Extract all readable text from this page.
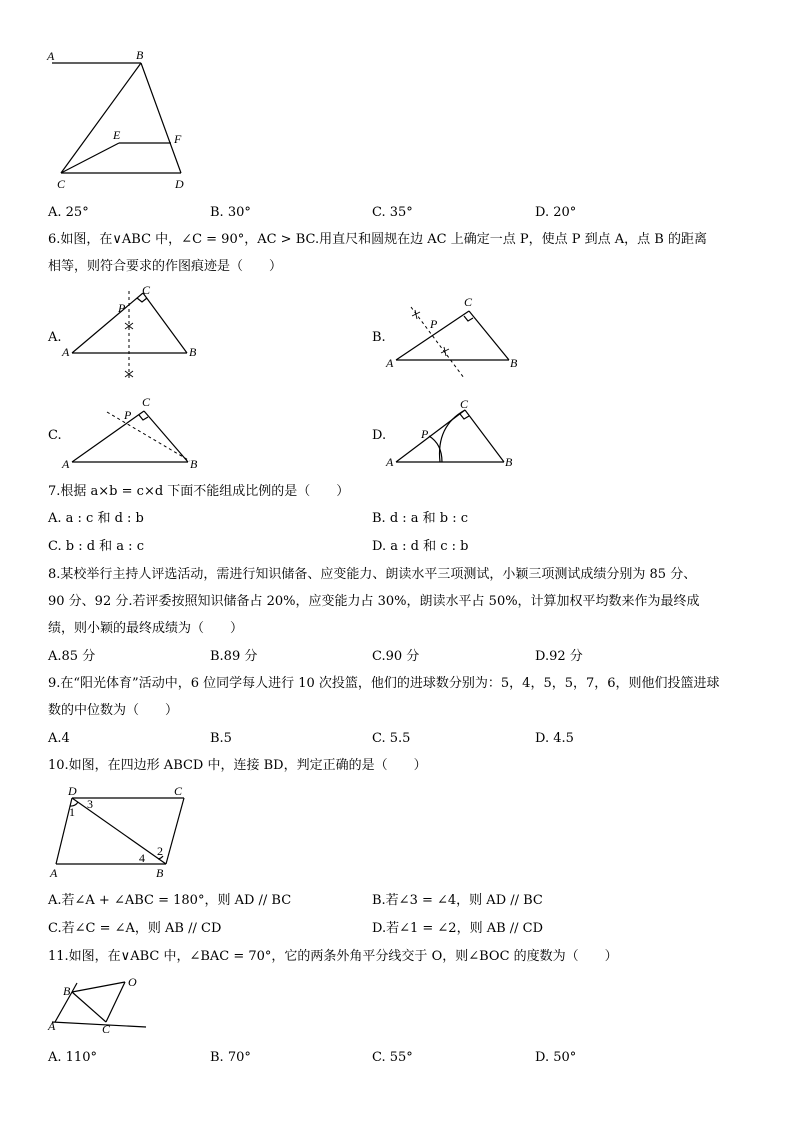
A	B
E	F
C	D
A. 25°	B. 30°	C. 35°	D. 20°
6.如图，在∨ABC 中，∠C = 90°，AC > BC.用直尺和圆规在边 AC 上确定一点 P，使点 P 到点 A，点 B 的距离
相等，则符合要求的作图痕迹是（　　）
A.
P
C
A	B
B.
P
C
A	B
C.
P
C
A	B
D.	P
C
A	B
7.根据 a×b = c×d 下面不能组成比例的是（　　）
A. a : c 和 d : b	B. d : a 和 b : c
C. b : d 和 a : c	D. a : d 和 c : b
8.某校举行主持人评选活动，需进行知识储备、应变能力、朗读水平三项测试，小颖三项测试成绩分别为 85 分、
90 分、92 分.若评委按照知识储备占 20%，应变能力占 30%，朗读水平占 50%，计算加权平均数来作为最终成
绩，则小颖的最终成绩为（　　）
A.85 分	B.89 分	C.90 分	D.92 分
9.在“阳光体育”活动中，6 位同学每人进行 10 次投篮，他们的进球数分别为：5，4，5，5，7，6，则他们投篮进球
数的中位数为（　　）
A.4	B.5	C. 5.5	D. 4.5
10.如图，在四边形 ABCD 中，连接 BD，判定正确的是（　　）
D	C
3
1
2
4
A	B
A.若∠A + ∠ABC = 180°，则 AD // BC	B.若∠3 = ∠4，则 AD // BC
C.若∠C = ∠A，则 AB // CD	D.若∠1 = ∠2，则 AB // CD
11.如图，在∨ABC 中，∠BAC = 70°，它的两条外角平分线交于 O，则∠BOC 的度数为（　　）
B
O
A	C
A. 110°	B. 70°	C. 55°	D. 50°
